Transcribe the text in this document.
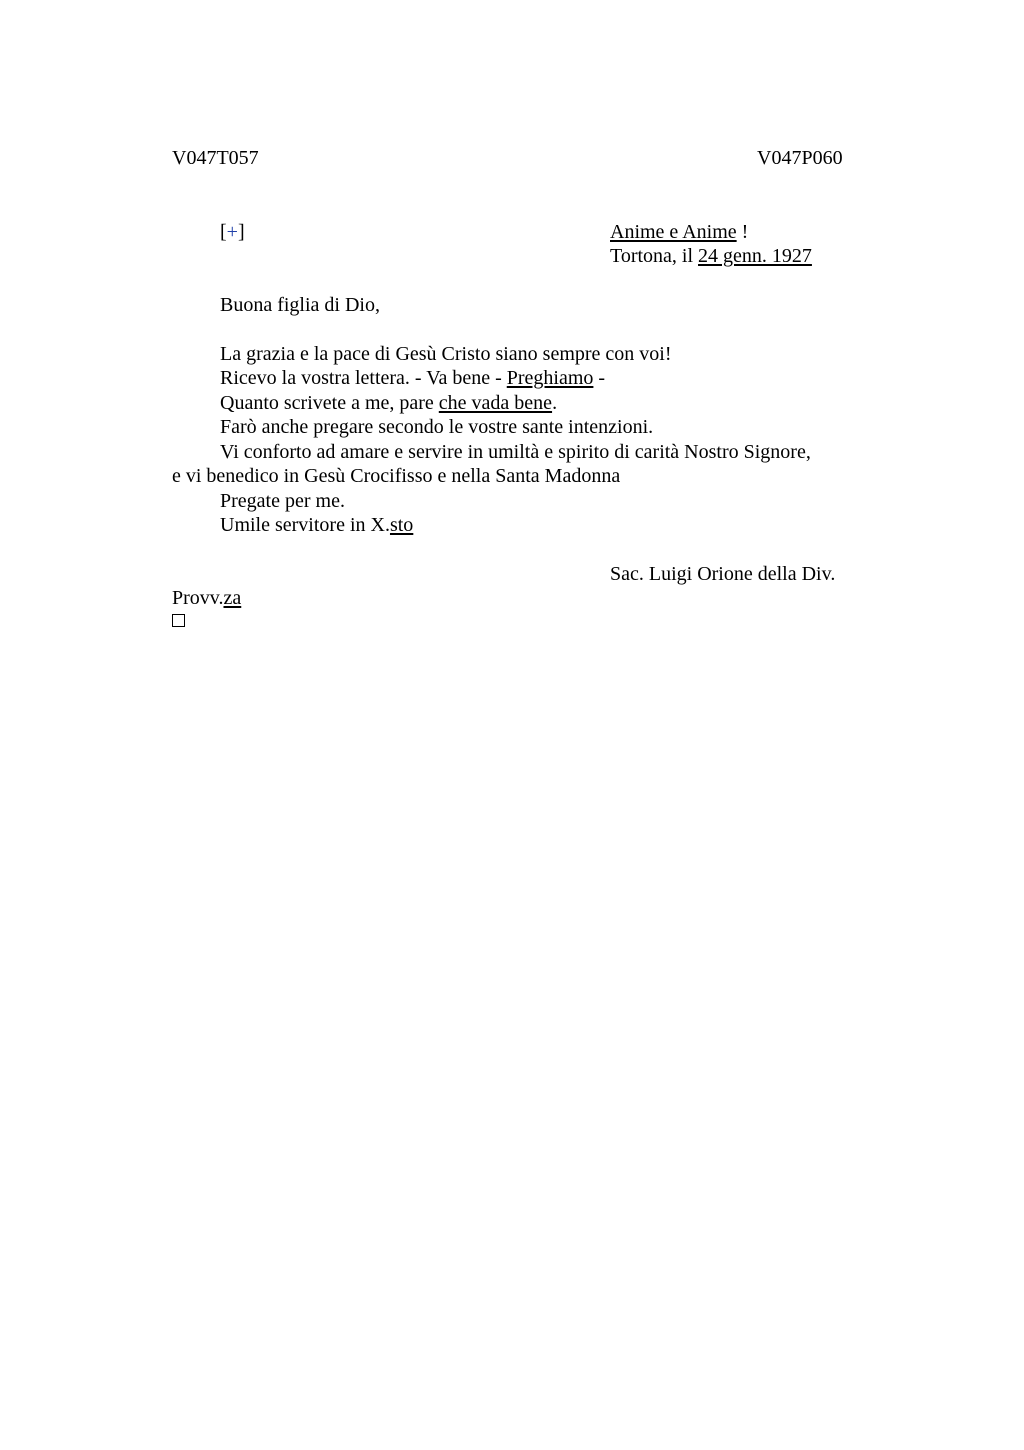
V047T057	V047P060
[+]	Anime e Anime !
Tortona, il 24 genn. 1927
Buona figlia di Dio,
La grazia e la pace di Gesù Cristo siano sempre con voi!
Ricevo la vostra lettera. - Va bene - Preghiamo -
Quanto scrivete a me, pare che vada bene.
Farò anche pregare secondo le vostre sante intenzioni.
Vi conforto ad amare e servire in umiltà e spirito di carità Nostro Signore,
e vi benedico in Gesù Crocifisso e nella Santa Madonna
Pregate per me.
Umile servitore in X.sto
Sac. Luigi Orione della Div.
Provv.za
